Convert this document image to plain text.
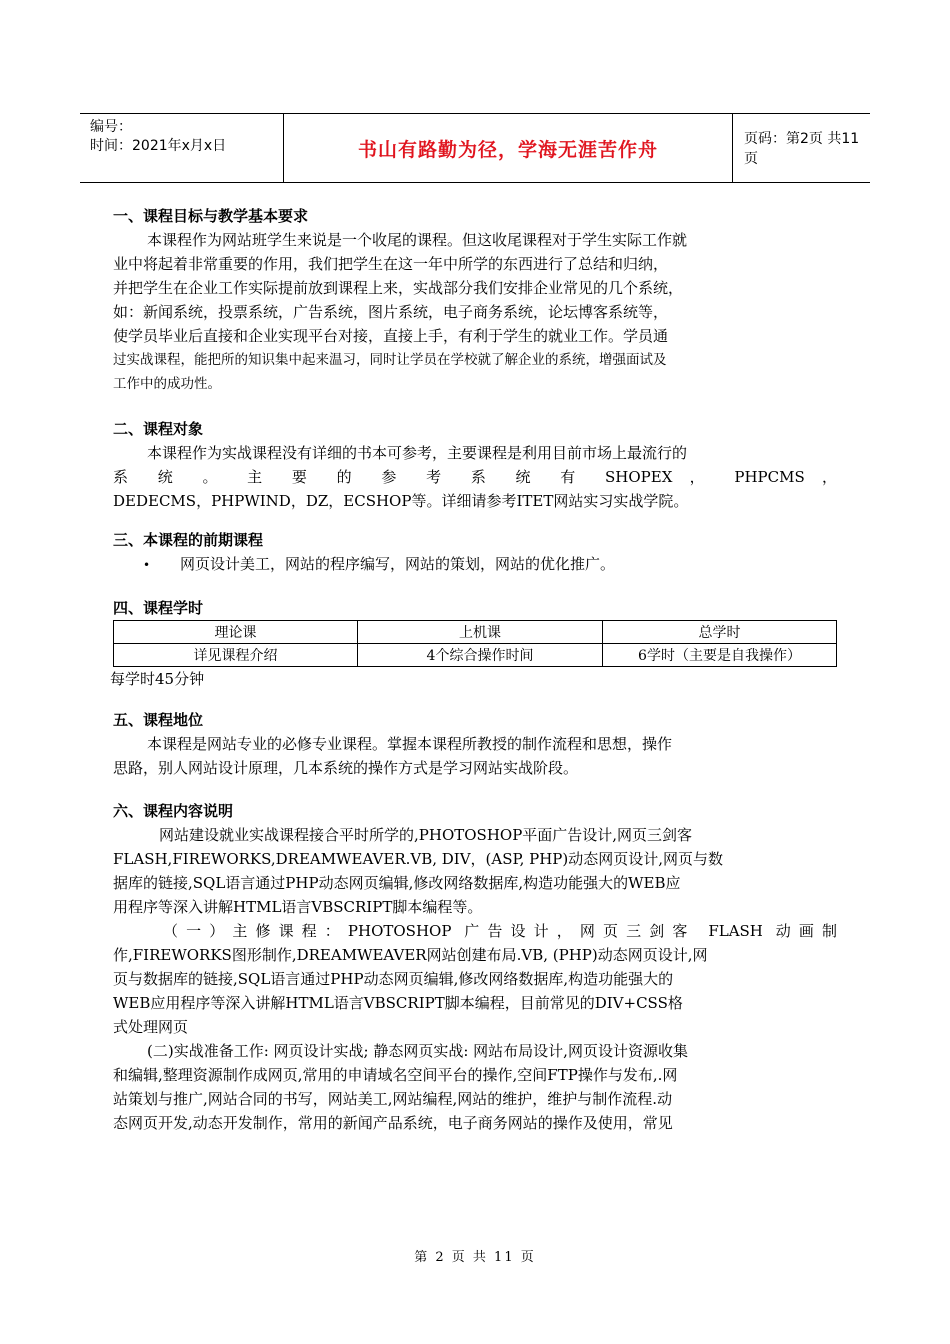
编号：
时间：2021年x月x日	书山有路勤为径，学海无涯苦作舟	页码：第2页 共11页
一、课程目标与教学基本要求

本课程作为网站班学生来说是一个收尾的课程。但这收尾课程对于学生实际工作就

业中将起着非常重要的作用，我们把学生在这一年中所学的东西进行了总结和归纳，

并把学生在企业工作实际提前放到课程上来，实战部分我们安排企业常见的几个系统，

如：新闻系统，投票系统，广告系统，图片系统，电子商务系统，论坛博客系统等，

使学员毕业后直接和企业实现平台对接，直接上手，有利于学生的就业工作。学员通

过实战课程，能把所的知识集中起来温习，同时让学员在学校就了解企业的系统，增强面试及

工作中的成功性。

二、课程对象

本课程作为实战课程没有详细的书本可参考，主要课程是利用目前市场上最流行的

系 统 。 主 要 的 参 考 系 统 有 SHOPEX ， PHPCMS ，

DEDECMS，PHPWIND，DZ，ECSHOP等。详细请参考ITET网站实习实战学院。

三、本课程的前期课程
•
网页设计美工，网站的程序编写，网站的策划，网站的优化推广。
四、课程学时
理论课	上机课	总学时
详见课程介绍	4个综合操作时间	6学时（主要是自我操作）

每学时45分钟

五、课程地位

本课程是网站专业的必修专业课程。掌握本课程所教授的制作流程和思想，操作

思路，别人网站设计原理，几本系统的操作方式是学习网站实战阶段。

六、课程内容说明

网站建设就业实战课程接合平时所学的,PHOTOSHOP平面广告设计,网页三剑客

FLASH,FIREWORKS,DREAMWEAVER.VB, DIV，(ASP, PHP)动态网页设计,网页与数

据库的链接,SQL语言通过PHP动态网页编辑,修改网络数据库,构造功能强大的WEB应

用程序等深入讲解HTML语言VBSCRIPT脚本编程等。

（一）主修课程：PHOTOSHOP 广告设计，网页三剑客 FLASH 动画制

作,FIREWORKS图形制作,DREAMWEAVER网站创建布局.VB, (PHP)动态网页设计,网

页与数据库的链接,SQL语言通过PHP动态网页编辑,修改网络数据库,构造功能强大的

WEB应用程序等深入讲解HTML语言VBSCRIPT脚本编程，目前常见的DIV+CSS格

式处理网页

(二)实战准备工作: 网页设计实战; 静态网页实战: 网站布局设计,网页设计资源收集

和编辑,整理资源制作成网页,常用的申请域名空间平台的操作,空间FTP操作与发布,.网

站策划与推广,网站合同的书写，网站美工,网站编程,网站的维护，维护与制作流程.动

态网页开发,动态开发制作，常用的新闻产品系统，电子商务网站的操作及使用，常见

第 2 页 共 11 页
